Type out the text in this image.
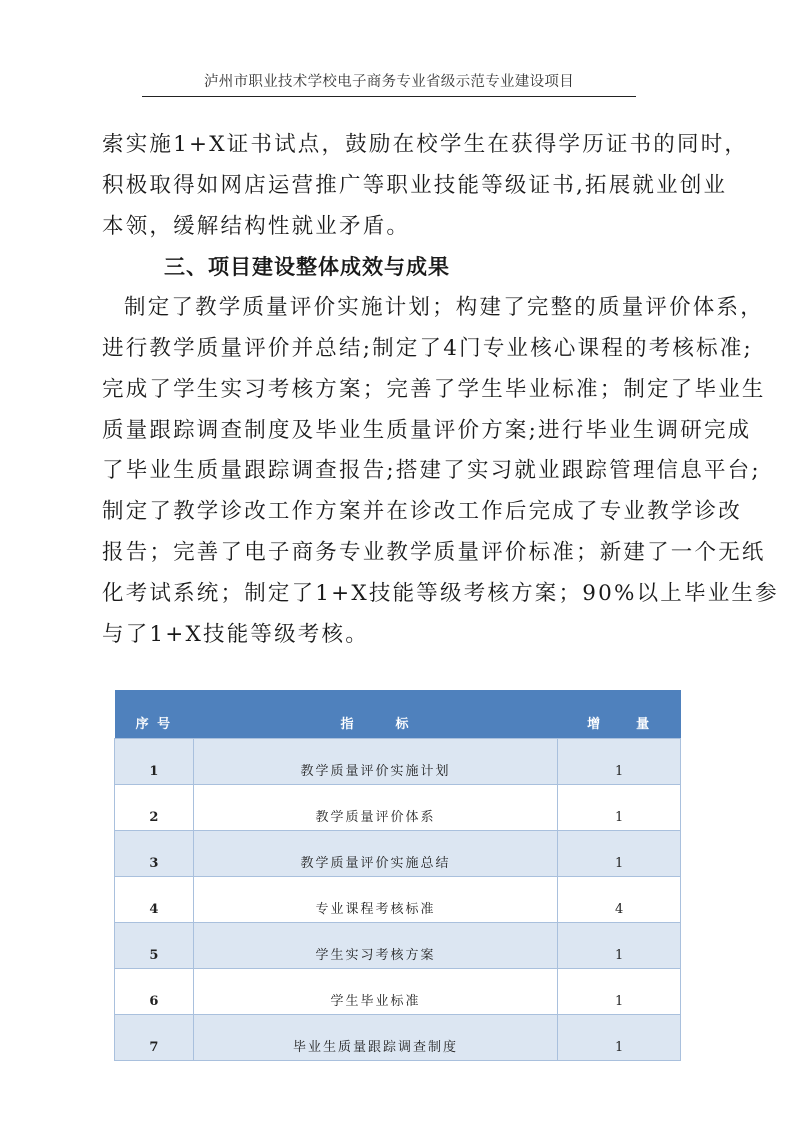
泸州市职业技术学校电子商务专业省级示范专业建设项目
索实施1+X证书试点，鼓励在校学生在获得学历证书的同时，
积极取得如网店运营推广等职业技能等级证书,拓展就业创业
本领，缓解结构性就业矛盾。
三、项目建设整体成效与成果
制定了教学质量评价实施计划；构建了完整的质量评价体系，
进行教学质量评价并总结;制定了4门专业核心课程的考核标准;
完成了学生实习考核方案；完善了学生毕业标准；制定了毕业生
质量跟踪调查制度及毕业生质量评价方案;进行毕业生调研完成
了毕业生质量跟踪调查报告;搭建了实习就业跟踪管理信息平台;
制定了教学诊改工作方案并在诊改工作后完成了专业教学诊改
报告；完善了电子商务专业教学质量评价标准；新建了一个无纸
化考试系统；制定了1+X技能等级考核方案；90%以上毕业生参
与了1+X技能等级考核。
序 号	指 标	增 量
1	教学质量评价实施计划	1
2	教学质量评价体系	1
3	教学质量评价实施总结	1
4	专业课程考核标准	4
5	学生实习考核方案	1
6	学生毕业标准	1
7	毕业生质量跟踪调查制度	1
